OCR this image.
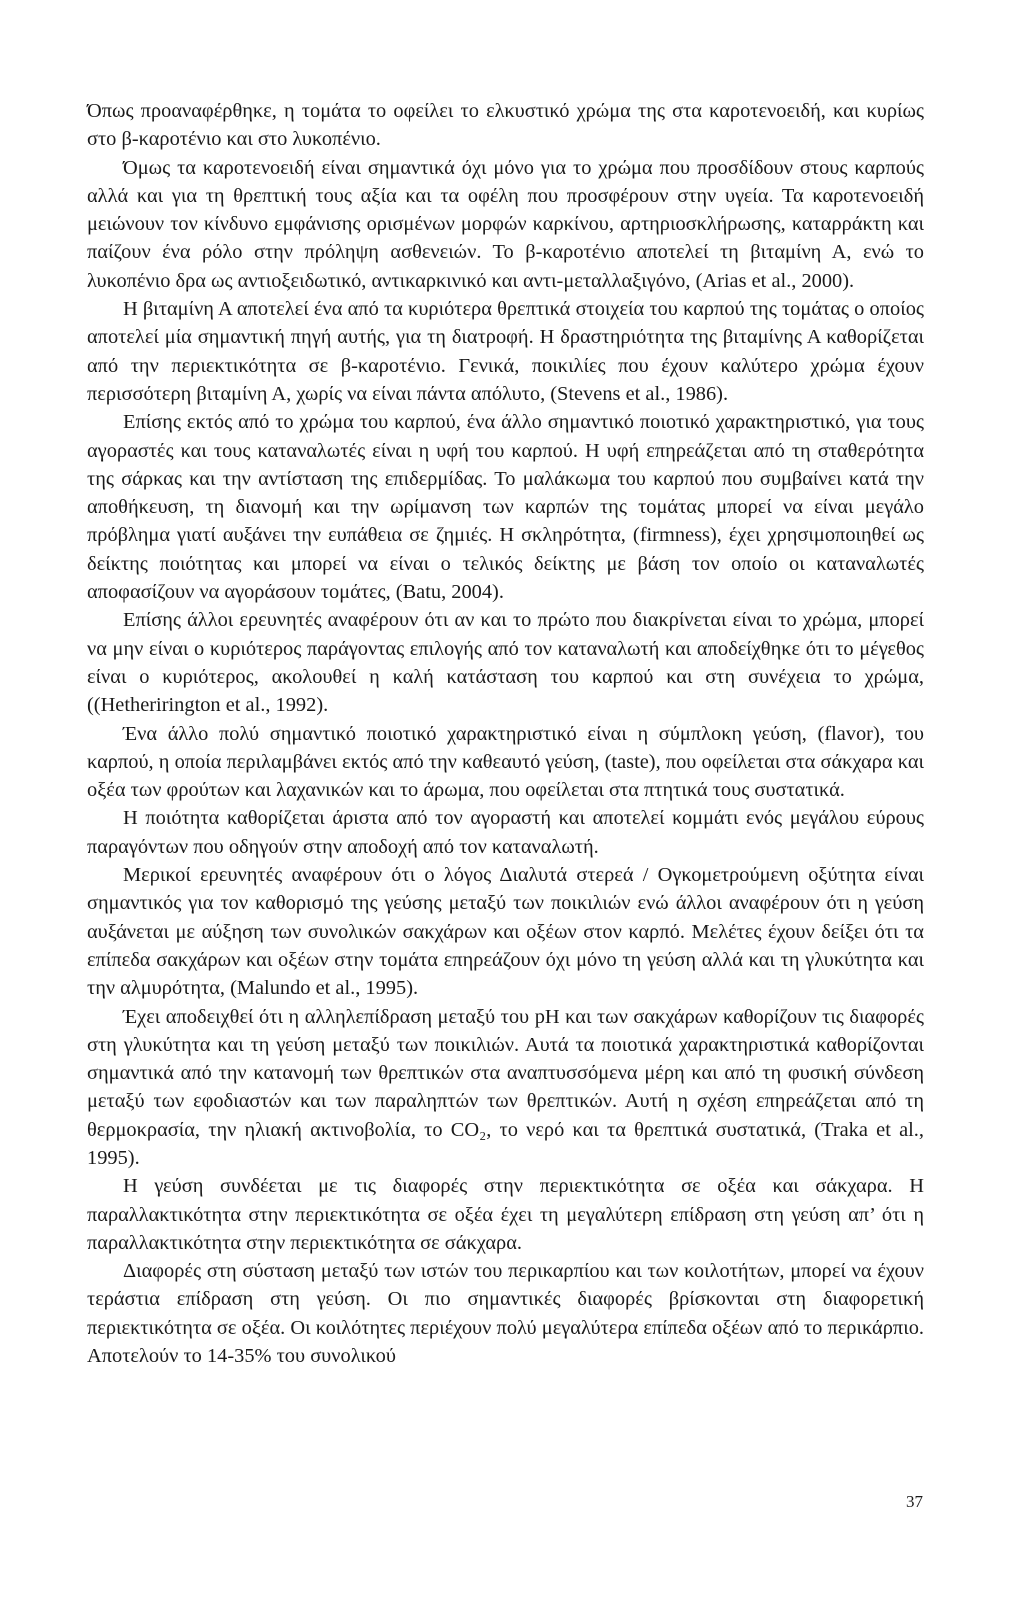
Όπως προαναφέρθηκε, η τομάτα το οφείλει το ελκυστικό χρώμα της στα καροτενοειδή, και κυρίως στο β-καροτένιο και στο λυκοπένιο.

Όμως τα καροτενοειδή είναι σημαντικά όχι μόνο για το χρώμα που προσδίδουν στους καρπούς αλλά και για τη θρεπτική τους αξία και τα οφέλη που προσφέρουν στην υγεία. Τα καροτενοειδή μειώνουν τον κίνδυνο εμφάνισης ορισμένων μορφών καρκίνου, αρτηριοσκλήρωσης, καταρράκτη και παίζουν ένα ρόλο στην πρόληψη ασθενειών. Το β-καροτένιο αποτελεί τη βιταμίνη Α, ενώ το λυκοπένιο δρα ως αντιοξειδωτικό, αντικαρκινικό και αντι-μεταλλαξιγόνο, (Arias et al., 2000).

Η βιταμίνη Α αποτελεί ένα από τα κυριότερα θρεπτικά στοιχεία του καρπού της τομάτας ο οποίος αποτελεί μία σημαντική πηγή αυτής, για τη διατροφή. Η δραστηριότητα της βιταμίνης Α καθορίζεται από την περιεκτικότητα σε β-καροτένιο. Γενικά, ποικιλίες που έχουν καλύτερο χρώμα έχουν περισσότερη βιταμίνη Α, χωρίς να είναι πάντα απόλυτο, (Stevens et al., 1986).

Επίσης εκτός από το χρώμα του καρπού, ένα άλλο σημαντικό ποιοτικό χαρακτηριστικό, για τους αγοραστές και τους καταναλωτές είναι η υφή του καρπού. Η υφή επηρεάζεται από τη σταθερότητα της σάρκας και την αντίσταση της επιδερμίδας. Το μαλάκωμα του καρπού που συμβαίνει κατά την αποθήκευση, τη διανομή και την ωρίμανση των καρπών της τομάτας μπορεί να είναι μεγάλο πρόβλημα γιατί αυξάνει την ευπάθεια σε ζημιές. Η σκληρότητα, (firmness), έχει χρησιμοποιηθεί ως δείκτης ποιότητας και μπορεί να είναι ο τελικός δείκτης με βάση τον οποίο οι καταναλωτές αποφασίζουν να αγοράσουν τομάτες, (Batu, 2004).

Επίσης άλλοι ερευνητές αναφέρουν ότι αν και το πρώτο που διακρίνεται είναι το χρώμα, μπορεί να μην είναι ο κυριότερος παράγοντας επιλογής από τον καταναλωτή και αποδείχθηκε ότι το μέγεθος είναι ο κυριότερος, ακολουθεί η καλή κατάσταση του καρπού και στη συνέχεια το χρώμα, ((Hetherirington et al., 1992).

Ένα άλλο πολύ σημαντικό ποιοτικό χαρακτηριστικό είναι η σύμπλοκη γεύση, (flavor), του καρπού, η οποία περιλαμβάνει εκτός από την καθεαυτό γεύση, (taste), που οφείλεται στα σάκχαρα και οξέα των φρούτων και λαχανικών και το άρωμα, που οφείλεται στα πτητικά τους συστατικά.

Η ποιότητα καθορίζεται άριστα από τον αγοραστή και αποτελεί κομμάτι ενός μεγάλου εύρους παραγόντων που οδηγούν στην αποδοχή από τον καταναλωτή.

Μερικοί ερευνητές αναφέρουν ότι ο λόγος Διαλυτά στερεά / Ογκομετρούμενη οξύτητα είναι σημαντικός για τον καθορισμό της γεύσης μεταξύ των ποικιλιών ενώ άλλοι αναφέρουν ότι η γεύση αυξάνεται με αύξηση των συνολικών σακχάρων και οξέων στον καρπό. Μελέτες έχουν δείξει ότι τα επίπεδα σακχάρων και οξέων στην τομάτα επηρεάζουν όχι μόνο τη γεύση αλλά και τη γλυκύτητα και την αλμυρότητα, (Malundo et al., 1995).

Έχει αποδειχθεί ότι η αλληλεπίδραση μεταξύ του pH και των σακχάρων καθορίζουν τις διαφορές στη γλυκύτητα και τη γεύση μεταξύ των ποικιλιών. Αυτά τα ποιοτικά χαρακτηριστικά καθορίζονται σημαντικά από την κατανομή των θρεπτικών στα αναπτυσσόμενα μέρη και από τη φυσική σύνδεση μεταξύ των εφοδιαστών και των παραληπτών των θρεπτικών. Αυτή η σχέση επηρεάζεται από τη θερμοκρασία, την ηλιακή ακτινοβολία, το CO₂, το νερό και τα θρεπτικά συστατικά, (Traka et al., 1995).

Η γεύση συνδέεται με τις διαφορές στην περιεκτικότητα σε οξέα και σάκχαρα. Η παραλλακτικότητα στην περιεκτικότητα σε οξέα έχει τη μεγαλύτερη επίδραση στη γεύση απ’ ότι η παραλλακτικότητα στην περιεκτικότητα σε σάκχαρα.

Διαφορές στη σύσταση μεταξύ των ιστών του περικαρπίου και των κοιλοτήτων, μπορεί να έχουν τεράστια επίδραση στη γεύση. Οι πιο σημαντικές διαφορές βρίσκονται στη διαφορετική περιεκτικότητα σε οξέα. Οι κοιλότητες περιέχουν πολύ μεγαλύτερα επίπεδα οξέων από το περικάρπιο. Αποτελούν το 14-35% του συνολικού

37
